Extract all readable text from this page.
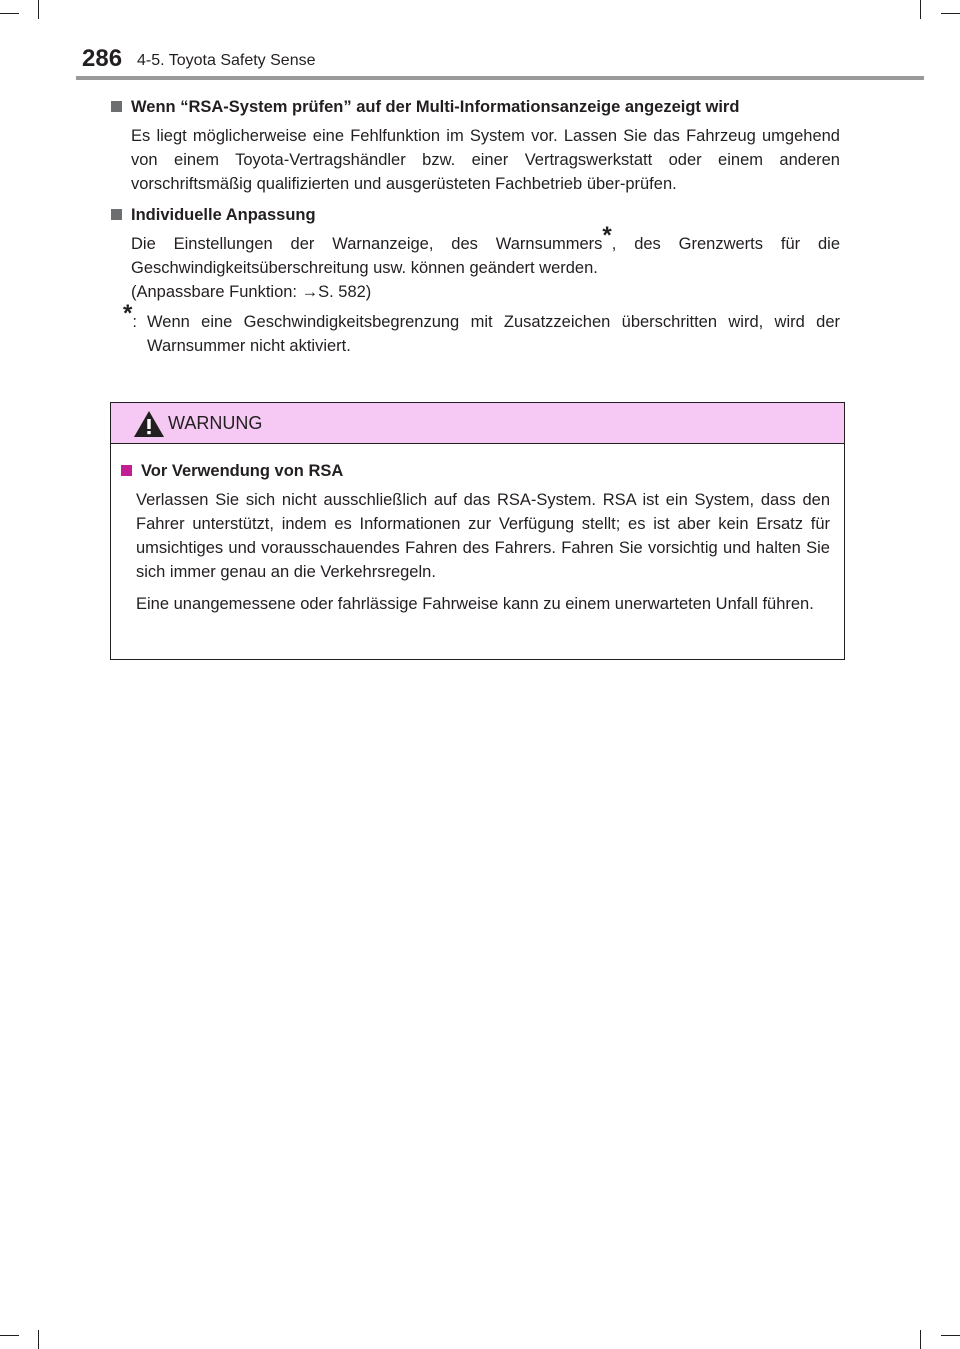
286 4-5. Toyota Safety Sense
Wenn “RSA-System prüfen” auf der Multi-Informationsanzeige angezeigt wird
Es liegt möglicherweise eine Fehlfunktion im System vor. Lassen Sie das Fahrzeug umgehend von einem Toyota-Vertragshändler bzw. einer Vertragswerkstatt oder einem anderen vorschriftsmäßig qualifizierten und ausgerüsteten Fachbetrieb über-prüfen.
Individuelle Anpassung
Die Einstellungen der Warnanzeige, des Warnsummers*, des Grenzwerts für die Geschwindigkeitsüberschreitung usw. können geändert werden.
(Anpassbare Funktion: →S. 582)
*: Wenn eine Geschwindigkeitsbegrenzung mit Zusatzzeichen überschritten wird, wird der Warnsummer nicht aktiviert.
WARNUNG
Vor Verwendung von RSA
Verlassen Sie sich nicht ausschließlich auf das RSA-System. RSA ist ein System, dass den Fahrer unterstützt, indem es Informationen zur Verfügung stellt; es ist aber kein Ersatz für umsichtiges und vorausschauendes Fahren des Fahrers. Fahren Sie vorsichtig und halten Sie sich immer genau an die Verkehrsregeln.
Eine unangemessene oder fahrlässige Fahrweise kann zu einem unerwarteten Unfall führen.
